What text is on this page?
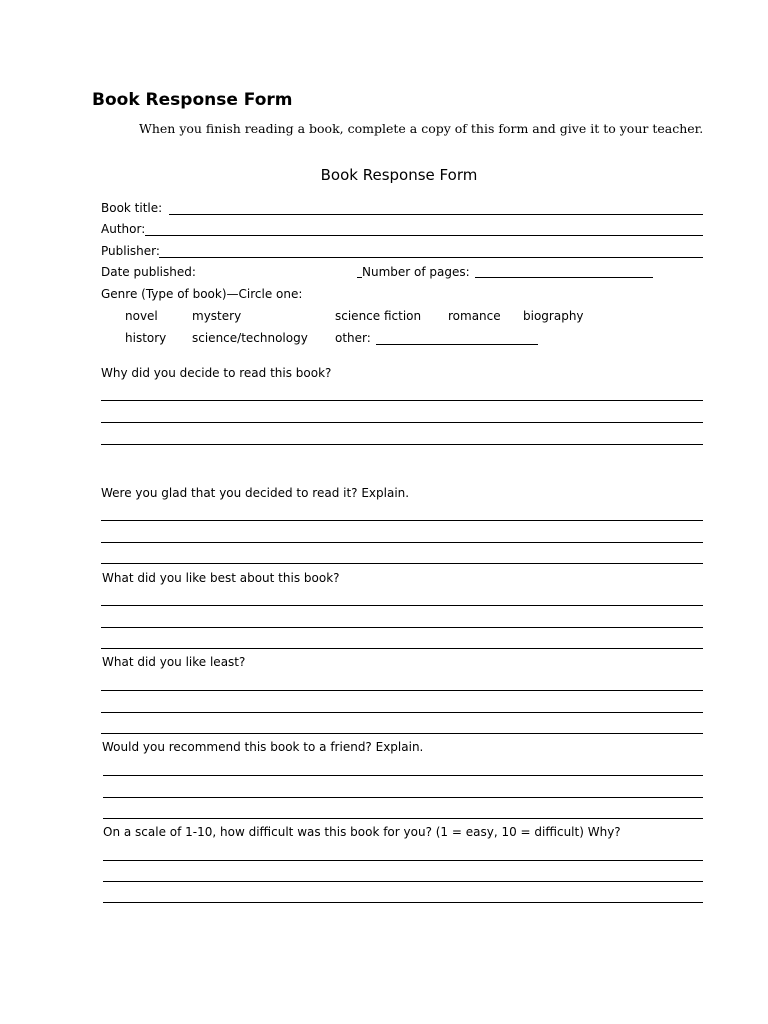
Book Response Form
When you finish reading a book, complete a copy of this form and give it to your teacher.
Book Response Form
Book title:
Author:
Publisher:
Date published:	Number of pages:
Genre (Type of book)—Circle one:
novel	mystery	science fiction romance biography
history science/technology other:
Why did you decide to read this book?
Were you glad that you decided to read it? Explain.
What did you like best about this book?
What did you like least?
Would you recommend this book to a friend? Explain.
On a scale of 1-10, how difficult was this book for you? (1 = easy, 10 = difficult) Why?
